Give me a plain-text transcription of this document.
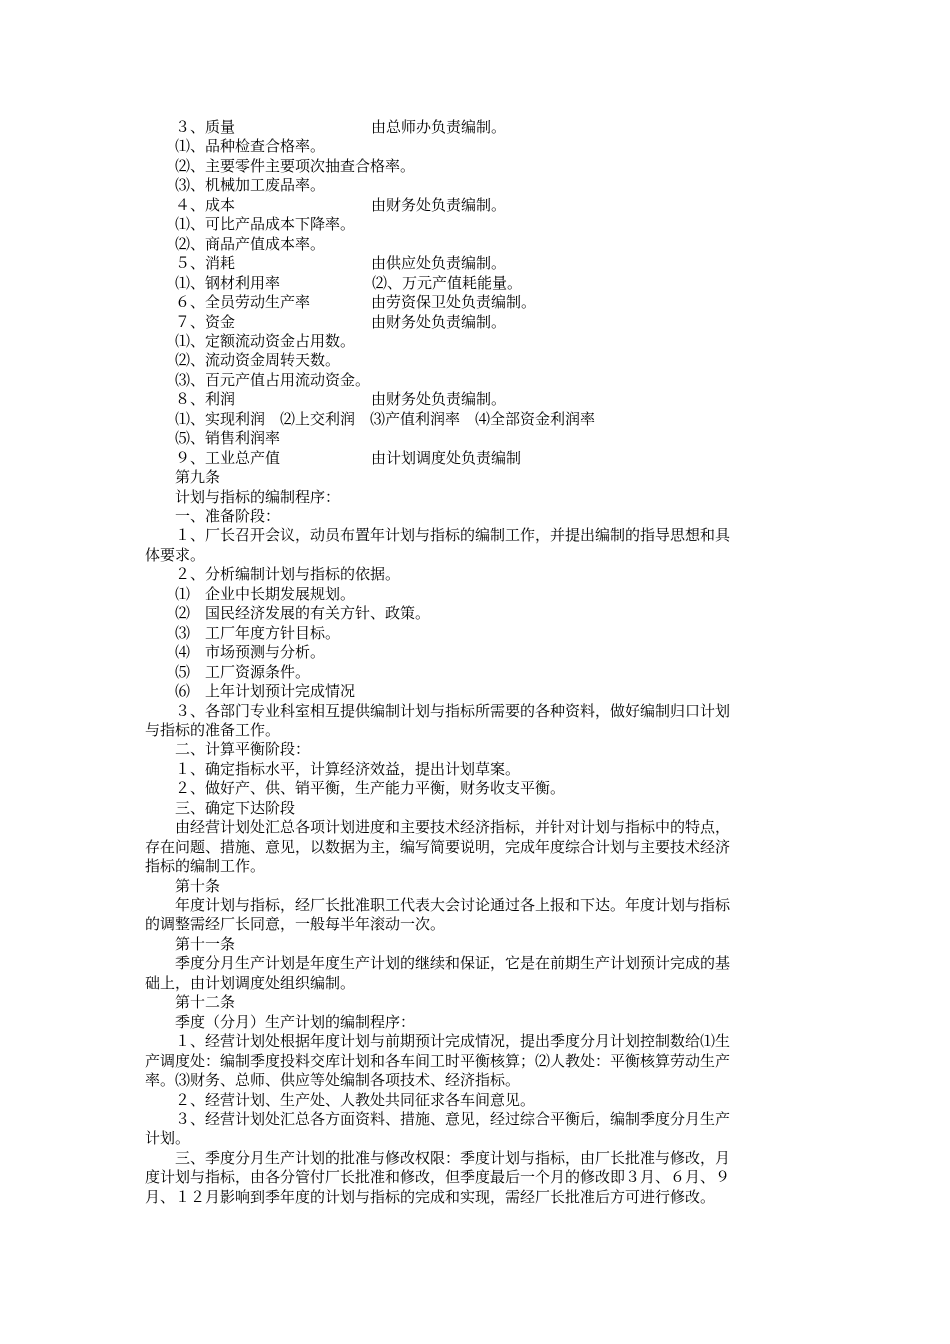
　　３、质量	由总师办负责编制。
　　⑴、品种检查合格率。
　　⑵、主要零件主要项次抽查合格率。
　　⑶、机械加工废品率。
　　４、成本	由财务处负责编制。
　　⑴、可比产品成本下降率。
　　⑵、商品产值成本率。
　　５、消耗	由供应处负责编制。
　　⑴、钢材利用率	⑵、万元产值耗能量。
　　６、全员劳动生产率	由劳资保卫处负责编制。
　　７、资金	由财务处负责编制。
　　⑴、定额流动资金占用数。
　　⑵、流动资金周转天数。
　　⑶、百元产值占用流动资金。
　　８、利润	由财务处负责编制。
　　⑴、实现利润　⑵上交利润　⑶产值利润率　⑷全部资金利润率
　　⑸、销售利润率
　　９、工业总产值	由计划调度处负责编制
　　第九条
　　计划与指标的编制程序：
　　一、准备阶段：
　　１、厂长召开会议，动员布置年计划与指标的编制工作，并提出编制的指导思想和具
体要求。
　　２、分析编制计划与指标的依据。
　　⑴　企业中长期发展规划。
　　⑵　国民经济发展的有关方针、政策。
　　⑶　工厂年度方针目标。
　　⑷　市场预测与分析。
　　⑸　工厂资源条件。
　　⑹　上年计划预计完成情况
　　３、各部门专业科室相互提供编制计划与指标所需要的各种资料，做好编制归口计划
与指标的准备工作。
　　二、计算平衡阶段：
　　１、确定指标水平，计算经济效益，提出计划草案。
　　２、做好产、供、销平衡，生产能力平衡，财务收支平衡。
　　三、确定下达阶段
　　由经营计划处汇总各项计划进度和主要技术经济指标，并针对计划与指标中的特点，
存在问题、措施、意见，以数据为主，编写简要说明，完成年度综合计划与主要技术经济
指标的编制工作。
　　第十条
　　年度计划与指标，经厂长批准职工代表大会讨论通过各上报和下达。年度计划与指标
的调整需经厂长同意，一般每半年滚动一次。
　　第十一条
　　季度分月生产计划是年度生产计划的继续和保证，它是在前期生产计划预计完成的基
础上，由计划调度处组织编制。
　　第十二条
　　季度（分月）生产计划的编制程序：
　　１、经营计划处根据年度计划与前期预计完成情况，提出季度分月计划控制数给⑴生
产调度处：编制季度投料交库计划和各车间工时平衡核算；⑵人教处：平衡核算劳动生产
率。⑶财务、总师、供应等处编制各项技术、经济指标。
　　２、经营计划、生产处、人教处共同征求各车间意见。
　　３、经营计划处汇总各方面资料、措施、意见，经过综合平衡后，编制季度分月生产
计划。
　　三、季度分月生产计划的批准与修改权限：季度计划与指标，由厂长批准与修改，月
度计划与指标，由各分管付厂长批准和修改，但季度最后一个月的修改即３月、６月、９
月、１２月影响到季年度的计划与指标的完成和实现，需经厂长批准后方可进行修改。
